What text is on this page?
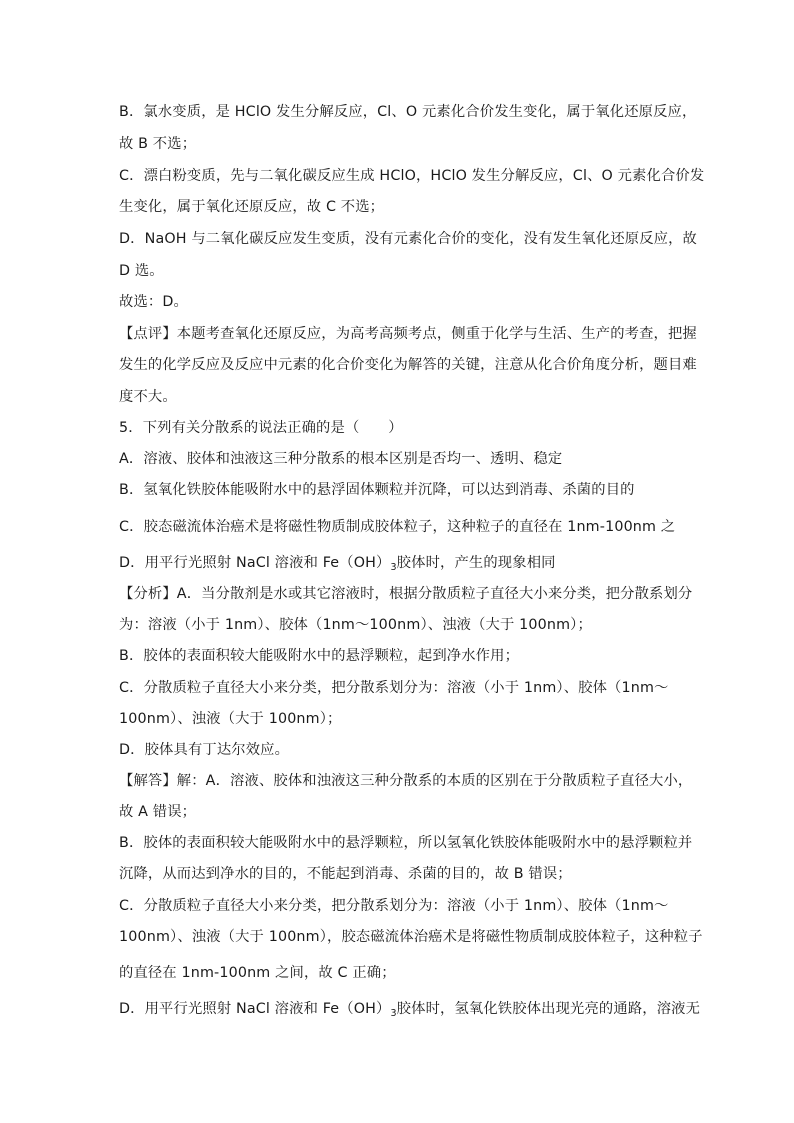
B．氯水变质，是 HClO 发生分解反应，Cl、O 元素化合价发生变化，属于氧化还原反应，
故 B 不选；
C．漂白粉变质，先与二氧化碳反应生成 HClO，HClO 发生分解反应，Cl、O 元素化合价发
生变化，属于氧化还原反应，故 C 不选；
D．NaOH 与二氧化碳反应发生变质，没有元素化合价的变化，没有发生氧化还原反应，故
D 选。
故选：D。
【点评】本题考查氧化还原反应，为高考高频考点，侧重于化学与生活、生产的考查，把握
发生的化学反应及反应中元素的化合价变化为解答的关键，注意从化合价角度分析，题目难
度不大。
5．下列有关分散系的说法正确的是（　　）
A．溶液、胶体和浊液这三种分散系的根本区别是否均一、透明、稳定
B．氢氧化铁胶体能吸附水中的悬浮固体颗粒并沉降，可以达到消毒、杀菌的目的
C．胶态磁流体治癌术是将磁性物质制成胶体粒子，这种粒子的直径在 1nm-100nm 之
D．用平行光照射 NaCl 溶液和 $Fe(OH)_3$胶体时，产生的现象相同
【分析】A．当分散剂是水或其它溶液时，根据分散质粒子直径大小来分类，把分散系划分
为：溶液（小于 1nm）、胶体（1nm～100nm）、浊液（大于 100nm）；
B．胶体的表面积较大能吸附水中的悬浮颗粒，起到净水作用；
C．分散质粒子直径大小来分类，把分散系划分为：溶液（小于 1nm）、胶体（1nm～
100nm）、浊液（大于 100nm）；
D．胶体具有丁达尔效应。
【解答】解：A．溶液、胶体和浊液这三种分散系的本质的区别在于分散质粒子直径大小，
故 A 错误；
B．胶体的表面积较大能吸附水中的悬浮颗粒，所以氢氧化铁胶体能吸附水中的悬浮颗粒并
沉降，从而达到净水的目的，不能起到消毒、杀菌的目的，故 B 错误；
C．分散质粒子直径大小来分类，把分散系划分为：溶液（小于 1nm）、胶体（1nm～
100nm）、浊液（大于 100nm），胶态磁流体治癌术是将磁性物质制成胶体粒子，这种粒子
的直径在 1nm-100nm 之间，故 C 正确；
D．用平行光照射 NaCl 溶液和 $Fe(OH)_3$胶体时，氢氧化铁胶体出现光亮的通路，溶液无
